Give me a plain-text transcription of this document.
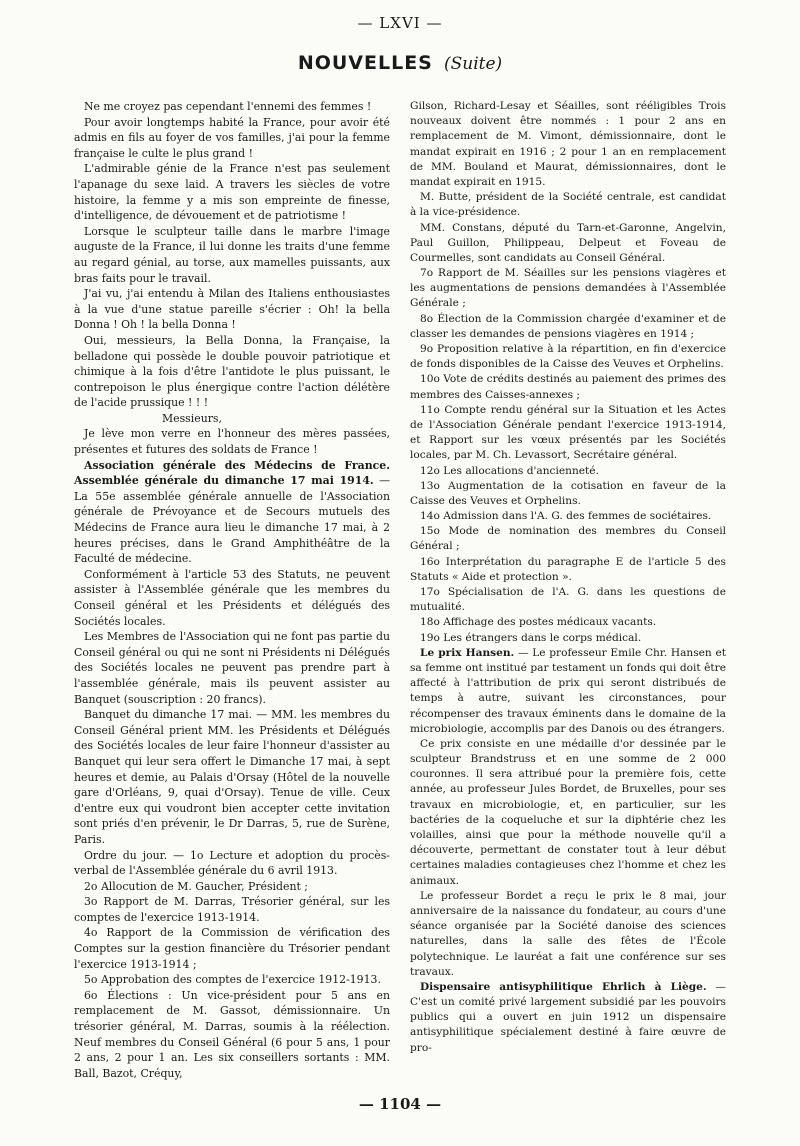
— LXVI —
NOUVELLES (Suite)

Ne me croyez pas cependant l'ennemi des femmes !

Pour avoir longtemps habité la France, pour avoir été admis en fils au foyer de vos familles, j'ai pour la femme française le culte le plus grand !

L'admirable génie de la France n'est pas seulement l'apanage du sexe laid. A travers les siècles de votre histoire, la femme y a mis son empreinte de finesse, d'intelligence, de dévouement et de patriotisme !

Lorsque le sculpteur taille dans le marbre l'image auguste de la France, il lui donne les traits d'une femme au regard génial, au torse, aux mamelles puissants, aux bras faits pour le travail.

J'ai vu, j'ai entendu à Milan des Italiens enthousiastes à la vue d'une statue pareille s'écrier : Oh! la bella Donna ! Oh ! la bella Donna !

Oui, messieurs, la Bella Donna, la Française, la belladone qui possède le double pouvoir patriotique et chimique à la fois d'être l'antidote le plus puissant, le contrepoison le plus énergique contre l'action délétère de l'acide prussique ! ! !

Messieurs,

Je lève mon verre en l'honneur des mères passées, présentes et futures des soldats de France !

Association générale des Médecins de France. Assemblée générale du dimanche 17 mai 1914. — La 55e assemblée générale annuelle de l'Association générale de Prévoyance et de Secours mutuels des Médecins de France aura lieu le dimanche 17 mai, à 2 heures précises, dans le Grand Amphithéâtre de la Faculté de médecine.

Conformément à l'article 53 des Statuts, ne peuvent assister à l'Assemblée générale que les membres du Conseil général et les Présidents et délégués des Sociétés locales.

Les Membres de l'Association qui ne font pas partie du Conseil général ou qui ne sont ni Présidents ni Délégués des Sociétés locales ne peuvent pas prendre part à l'assemblée générale, mais ils peuvent assister au Banquet (souscription : 20 francs).

Banquet du dimanche 17 mai. — MM. les membres du Conseil Général prient MM. les Présidents et Délégués des Sociétés locales de leur faire l'honneur d'assister au Banquet qui leur sera offert le Dimanche 17 mai, à sept heures et demie, au Palais d'Orsay (Hôtel de la nouvelle gare d'Orléans, 9, quai d'Orsay). Tenue de ville. Ceux d'entre eux qui voudront bien accepter cette invitation sont priés d'en prévenir, le Dr Darras, 5, rue de Surène, Paris.

Ordre du jour. — 1o Lecture et adoption du procès-verbal de l'Assemblée générale du 6 avril 1913.

2o Allocution de M. Gaucher, Président ;

3o Rapport de M. Darras, Trésorier général, sur les comptes de l'exercice 1913-1914.

4o Rapport de la Commission de vérification des Comptes sur la gestion financière du Trésorier pendant l'exercice 1913-1914 ;

5o Approbation des comptes de l'exercice 1912-1913.

6o Élections : Un vice-président pour 5 ans en remplacement de M. Gassot, démissionnaire. Un trésorier général, M. Darras, soumis à la réélection. Neuf membres du Conseil Général (6 pour 5 ans, 1 pour 2 ans, 2 pour 1 an. Les six conseillers sortants : MM. Ball, Bazot, Créquy,

Gilson, Richard-Lesay et Séailles, sont rééligibles Trois nouveaux doivent être nommés : 1 pour 2 ans en remplacement de M. Vimont, démissionnaire, dont le mandat expirait en 1916 ; 2 pour 1 an en remplacement de MM. Bouland et Maurat, démissionnaires, dont le mandat expirait en 1915.

M. Butte, président de la Société centrale, est candidat à la vice-présidence.

MM. Constans, député du Tarn-et-Garonne, Angelvin, Paul Guillon, Philippeau, Delpeut et Foveau de Courmelles, sont candidats au Conseil Général.

7o Rapport de M. Séailles sur les pensions viagères et les augmentations de pensions demandées à l'Assemblée Générale ;

8o Élection de la Commission chargée d'examiner et de classer les demandes de pensions viagères en 1914 ;

9o Proposition relative à la répartition, en fin d'exercice de fonds disponibles de la Caisse des Veuves et Orphelins.

10o Vote de crédits destinés au paiement des primes des membres des Caisses-annexes ;

11o Compte rendu général sur la Situation et les Actes de l'Association Générale pendant l'exercice 1913-1914, et Rapport sur les vœux présentés par les Sociétés locales, par M. Ch. Levassort, Secrétaire général.

12o Les allocations d'ancienneté.

13o Augmentation de la cotisation en faveur de la Caisse des Veuves et Orphelins.

14o Admission dans l'A. G. des femmes de sociétaires.

15o Mode de nomination des membres du Conseil Général ;

16o Interprétation du paragraphe E de l'article 5 des Statuts « Aide et protection ».

17o Spécialisation de l'A. G. dans les questions de mutualité.

18o Affichage des postes médicaux vacants.

19o Les étrangers dans le corps médical.

Le prix Hansen. — Le professeur Emile Chr. Hansen et sa femme ont institué par testament un fonds qui doit être affecté à l'attribution de prix qui seront distribués de temps à autre, suivant les circonstances, pour récompenser des travaux éminents dans le domaine de la microbiologie, accomplis par des Danois ou des étrangers.

Ce prix consiste en une médaille d'or dessinée par le sculpteur Brandstruss et en une somme de 2 000 couronnes. Il sera attribué pour la première fois, cette année, au professeur Jules Bordet, de Bruxelles, pour ses travaux en microbiologie, et, en particulier, sur les bactéries de la coqueluche et sur la diphtérie chez les volailles, ainsi que pour la méthode nouvelle qu'il a découverte, permettant de constater tout à leur début certaines maladies contagieuses chez l'homme et chez les animaux.

Le professeur Bordet a reçu le prix le 8 mai, jour anniversaire de la naissance du fondateur, au cours d'une séance organisée par la Société danoise des sciences naturelles, dans la salle des fêtes de l'École polytechnique. Le lauréat a fait une conférence sur ses travaux.

Dispensaire antisyphilitique Ehrlich à Liège. — C'est un comité privé largement subsidié par les pouvoirs publics qui a ouvert en juin 1912 un dispensaire antisyphilitique spécialement destiné à faire œuvre de pro-

— 1104 —
